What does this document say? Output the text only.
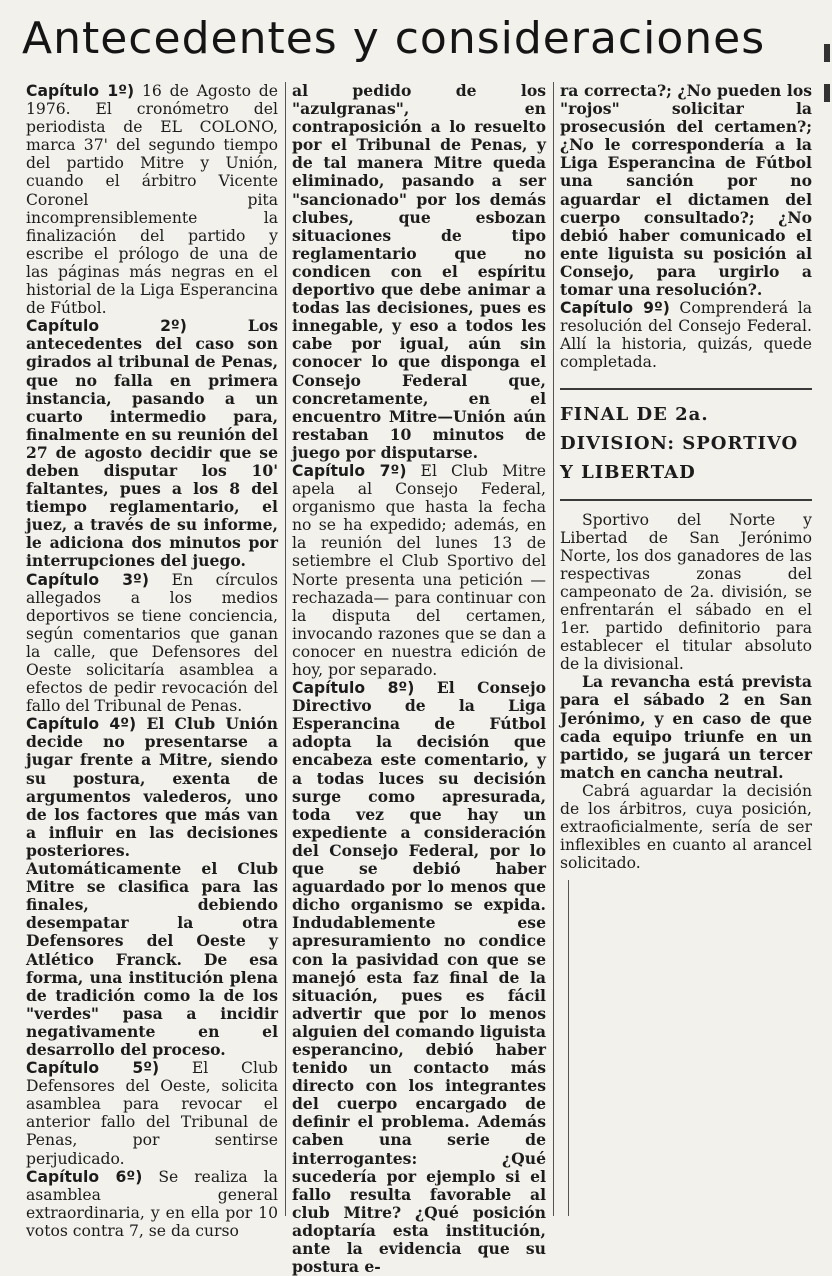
Antecedentes y consideraciones

Capítulo 1º) 16 de Agosto de 1976. El cronómetro del periodista de EL COLONO, marca 37' del segundo tiempo del partido Mitre y Unión, cuando el árbitro Vicente Coronel pita incomprensiblemente la finalización del partido y escribe el prólogo de una de las páginas más negras en el historial de la Liga Esperancina de Fútbol.

Capítulo 2º) Los antecedentes del caso son girados al tribunal de Penas, que no falla en primera instancia, pasando a un cuarto intermedio para, finalmente en su reunión del 27 de agosto decidir que se deben disputar los 10' faltantes, pues a los 8 del tiempo reglamentario, el juez, a través de su informe, le adiciona dos minutos por interrupciones del juego.

Capítulo 3º) En círculos allegados a los medios deportivos se tiene conciencia, según comentarios que ganan la calle, que Defensores del Oeste solicitaría asamblea a efectos de pedir revocación del fallo del Tribunal de Penas.

Capítulo 4º) El Club Unión decide no presentarse a jugar frente a Mitre, siendo su postura, exenta de argumentos valederos, uno de los factores que más van a influir en las decisiones posteriores. Automáticamente el Club Mitre se clasifica para las finales, debiendo desempatar la otra Defensores del Oeste y Atlético Franck. De esa forma, una institución plena de tradición como la de los "verdes" pasa a incidir negativamente en el desarrollo del proceso.

Capítulo 5º) El Club Defensores del Oeste, solicita asamblea para revocar el anterior fallo del Tribunal de Penas, por sentirse perjudicado.

Capítulo 6º) Se realiza la asamblea general extraordinaria, y en ella por 10 votos contra 7, se da curso

al pedido de los "azulgranas", en contraposición a lo resuelto por el Tribunal de Penas, y de tal manera Mitre queda eliminado, pasando a ser "sancionado" por los demás clubes, que esbozan situaciones de tipo reglamentario que no condicen con el espíritu deportivo que debe animar a todas las decisiones, pues es innegable, y eso a todos les cabe por igual, aún sin conocer lo que disponga el Consejo Federal que, concretamente, en el encuentro Mitre—Unión aún restaban 10 minutos de juego por disputarse.

Capítulo 7º) El Club Mitre apela al Consejo Federal, organismo que hasta la fecha no se ha expedido; además, en la reunión del lunes 13 de setiembre el Club Sportivo del Norte presenta una petición —rechazada— para continuar con la disputa del certamen, invocando razones que se dan a conocer en nuestra edición de hoy, por separado.

Capítulo 8º) El Consejo Directivo de la Liga Esperancina de Fútbol adopta la decisión que encabeza este comentario, y a todas luces su decisión surge como apresurada, toda vez que hay un expediente a consideración del Consejo Federal, por lo que se debió haber aguardado por lo menos que dicho organismo se expida. Indudablemente ese apresuramiento no condice con la pasividad con que se manejó esta faz final de la situación, pues es fácil advertir que por lo menos alguien del comando liguista esperancino, debió haber tenido un contacto más directo con los integrantes del cuerpo encargado de definir el problema. Además caben una serie de interrogantes: ¿Qué sucedería por ejemplo si el fallo resulta favorable al club Mitre? ¿Qué posición adoptaría esta institución, ante la evidencia que su postura e-

ra correcta?; ¿No pueden los "rojos" solicitar la prosecusión del certamen?; ¿No le correspondería a la Liga Esperancina de Fútbol una sanción por no aguardar el dictamen del cuerpo consultado?; ¿No debió haber comunicado el ente liguista su posición al Consejo, para urgirlo a tomar una resolución?.

Capítulo 9º) Comprenderá la resolución del Consejo Federal. Allí la historia, quizás, quede completada.

FINAL DE 2a. DIVISION: SPORTIVO Y LIBERTAD

Sportivo del Norte y Libertad de San Jerónimo Norte, los dos ganadores de las respectivas zonas del campeonato de 2a. división, se enfrentarán el sábado en el 1er. partido definitorio para establecer el titular absoluto de la divisional.

La revancha está prevista para el sábado 2 en San Jerónimo, y en caso de que cada equipo triunfe en un partido, se jugará un tercer match en cancha neutral.

Cabrá aguardar la decisión de los árbitros, cuya posición, extraoficialmente, sería de ser inflexibles en cuanto al arancel solicitado.
